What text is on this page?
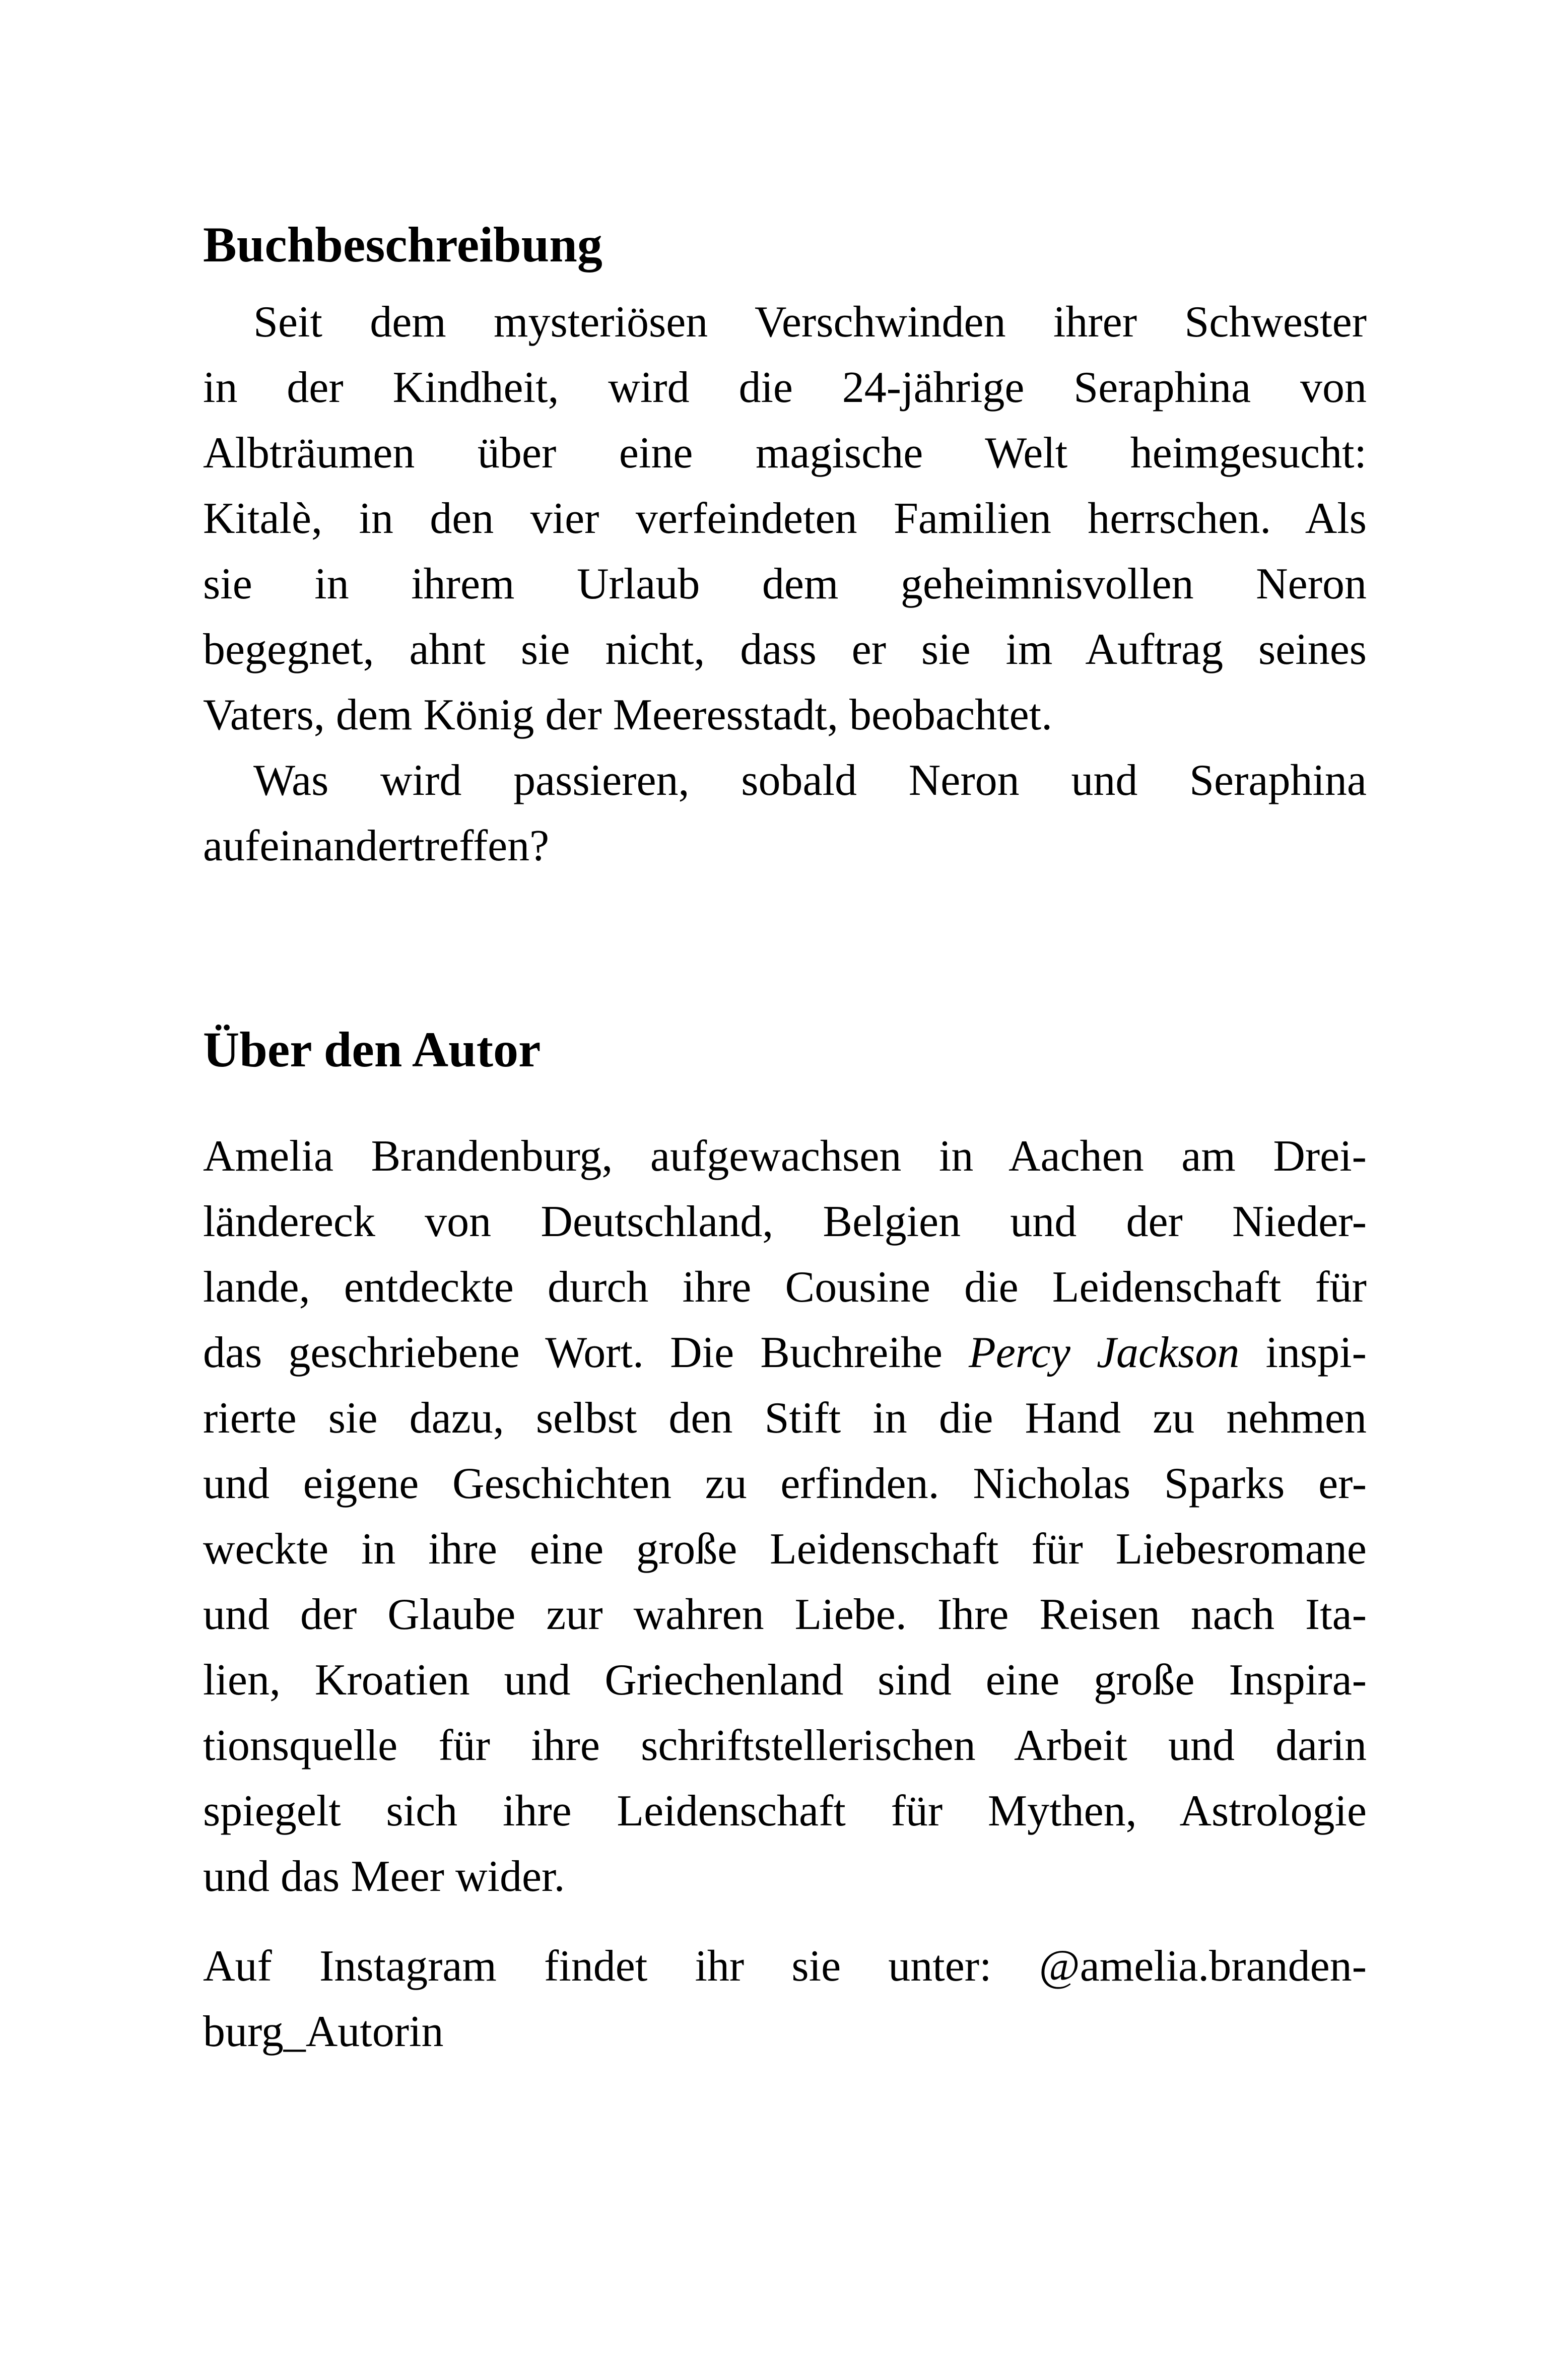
Buchbeschreibung
Seit dem mysteriösen Verschwinden ihrer Schwester
in der Kindheit, wird die 24-jährige Seraphina von
Albträumen über eine magische Welt heimgesucht:
Kitalè, in den vier verfeindeten Familien herrschen. Als
sie in ihrem Urlaub dem geheimnisvollen Neron
begegnet, ahnt sie nicht, dass er sie im Auftrag seines
Vaters, dem König der Meeresstadt, beobachtet.
Was wird passieren, sobald Neron und Seraphina
aufeinandertreffen?
Über den Autor
Amelia Brandenburg, aufgewachsen in Aachen am Drei-
ländereck von Deutschland, Belgien und der Nieder-
lande, entdeckte durch ihre Cousine die Leidenschaft für
das geschriebene Wort. Die Buchreihe Percy Jackson inspi-
rierte sie dazu, selbst den Stift in die Hand zu nehmen
und eigene Geschichten zu erfinden. Nicholas Sparks er-
weckte in ihre eine große Leidenschaft für Liebesromane
und der Glaube zur wahren Liebe. Ihre Reisen nach Ita-
lien, Kroatien und Griechenland sind eine große Inspira-
tionsquelle für ihre schriftstellerischen Arbeit und darin
spiegelt sich ihre Leidenschaft für Mythen, Astrologie
und das Meer wider.
Auf Instagram findet ihr sie unter: @amelia.branden-
burg_Autorin
